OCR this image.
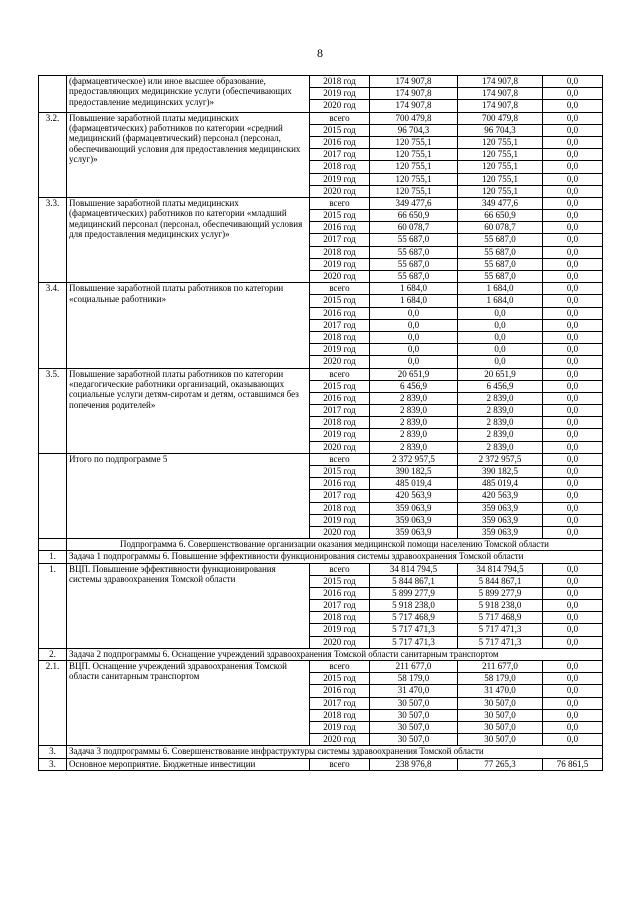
8
	(фармацевтическое) или иное высшее образование, предоставляющих медицинские услуги (обеспечивающих предоставление медицинских услуг)»	2018 год	174 907,8	174 907,8	0,0
		2019 год	174 907,8	174 907,8	0,0
		2020 год	174 907,8	174 907,8	0,0
3.2.	Повышение заработной платы медицинских (фармацевтических) работников по категории «средний медицинский (фармацевтический) персонал (персонал, обеспечивающий условия для предоставления медицинских услуг)»	всего	700 479,8	700 479,8	0,0
		2015 год	96 704,3	96 704,3	0,0
		2016 год	120 755,1	120 755,1	0,0
		2017 год	120 755,1	120 755,1	0,0
		2018 год	120 755,1	120 755,1	0,0
		2019 год	120 755,1	120 755,1	0,0
		2020 год	120 755,1	120 755,1	0,0
3.3.	Повышение заработной платы медицинских (фармацевтических) работников по категории «младший медицинский персонал (персонал, обеспечивающий условия для предоставления медицинских услуг)»	всего	349 477,6	349 477,6	0,0
		2015 год	66 650,9	66 650,9	0,0
		2016 год	60 078,7	60 078,7	0,0
		2017 год	55 687,0	55 687,0	0,0
		2018 год	55 687,0	55 687,0	0,0
		2019 год	55 687,0	55 687,0	0,0
		2020 год	55 687,0	55 687,0	0,0
3.4.	Повышение заработной платы работников по категории «социальные работники»	всего	1 684,0	1 684,0	0,0
		2015 год	1 684,0	1 684,0	0,0
		2016 год	0,0	0,0	0,0
		2017 год	0,0	0,0	0,0
		2018 год	0,0	0,0	0,0
		2019 год	0,0	0,0	0,0
		2020 год	0,0	0,0	0,0
3.5.	Повышение заработной платы работников по категории «педагогические работники организаций, оказывающих социальные услуги детям-сиротам и детям, оставшимся без попечения родителей»	всего	20 651,9	20 651,9	0,0
		2015 год	6 456,9	6 456,9	0,0
		2016 год	2 839,0	2 839,0	0,0
		2017 год	2 839,0	2 839,0	0,0
		2018 год	2 839,0	2 839,0	0,0
		2019 год	2 839,0	2 839,0	0,0
		2020 год	2 839,0	2 839,0	0,0
	Итого по подпрограмме 5	всего	2 372 957,5	2 372 957,5	0,0
		2015 год	390 182,5	390 182,5	0,0
		2016 год	485 019,4	485 019,4	0,0
		2017 год	420 563,9	420 563,9	0,0
		2018 год	359 063,9	359 063,9	0,0
		2019 год	359 063,9	359 063,9	0,0
		2020 год	359 063,9	359 063,9	0,0
	Подпрограмма 6. Совершенствование организации оказания медицинской помощи населению Томской области				
1.	Задача 1 подпрограммы 6. Повышение эффективности функционирования системы здравоохранения Томской области				
1.	ВЦП. Повышение эффективности функционирования системы здравоохранения Томской области	всего	34 814 794,5	34 814 794,5	0,0
		2015 год	5 844 867,1	5 844 867,1	0,0
		2016 год	5 899 277,9	5 899 277,9	0,0
		2017 год	5 918 238,0	5 918 238,0	0,0
		2018 год	5 717 468,9	5 717 468,9	0,0
		2019 год	5 717 471,3	5 717 471,3	0,0
		2020 год	5 717 471,3	5 717 471,3	0,0
2.	Задача 2 подпрограммы 6. Оснащение учреждений здравоохранения Томской области санитарным транспортом				
2.1.	ВЦП. Оснащение учреждений здравоохранения Томской области санитарным транспортом	всего	211 677,0	211 677,0	0,0
		2015 год	58 179,0	58 179,0	0,0
		2016 год	31 470,0	31 470,0	0,0
		2017 год	30 507,0	30 507,0	0,0
		2018 год	30 507,0	30 507,0	0,0
		2019 год	30 507,0	30 507,0	0,0
		2020 год	30 507,0	30 507,0	0,0
3.	Задача 3 подпрограммы 6. Совершенствование инфраструктуры системы здравоохранения Томской области				
3.	Основное мероприятие. Бюджетные инвестиции	всего	238 976,8	77 265,3	76 861,5
